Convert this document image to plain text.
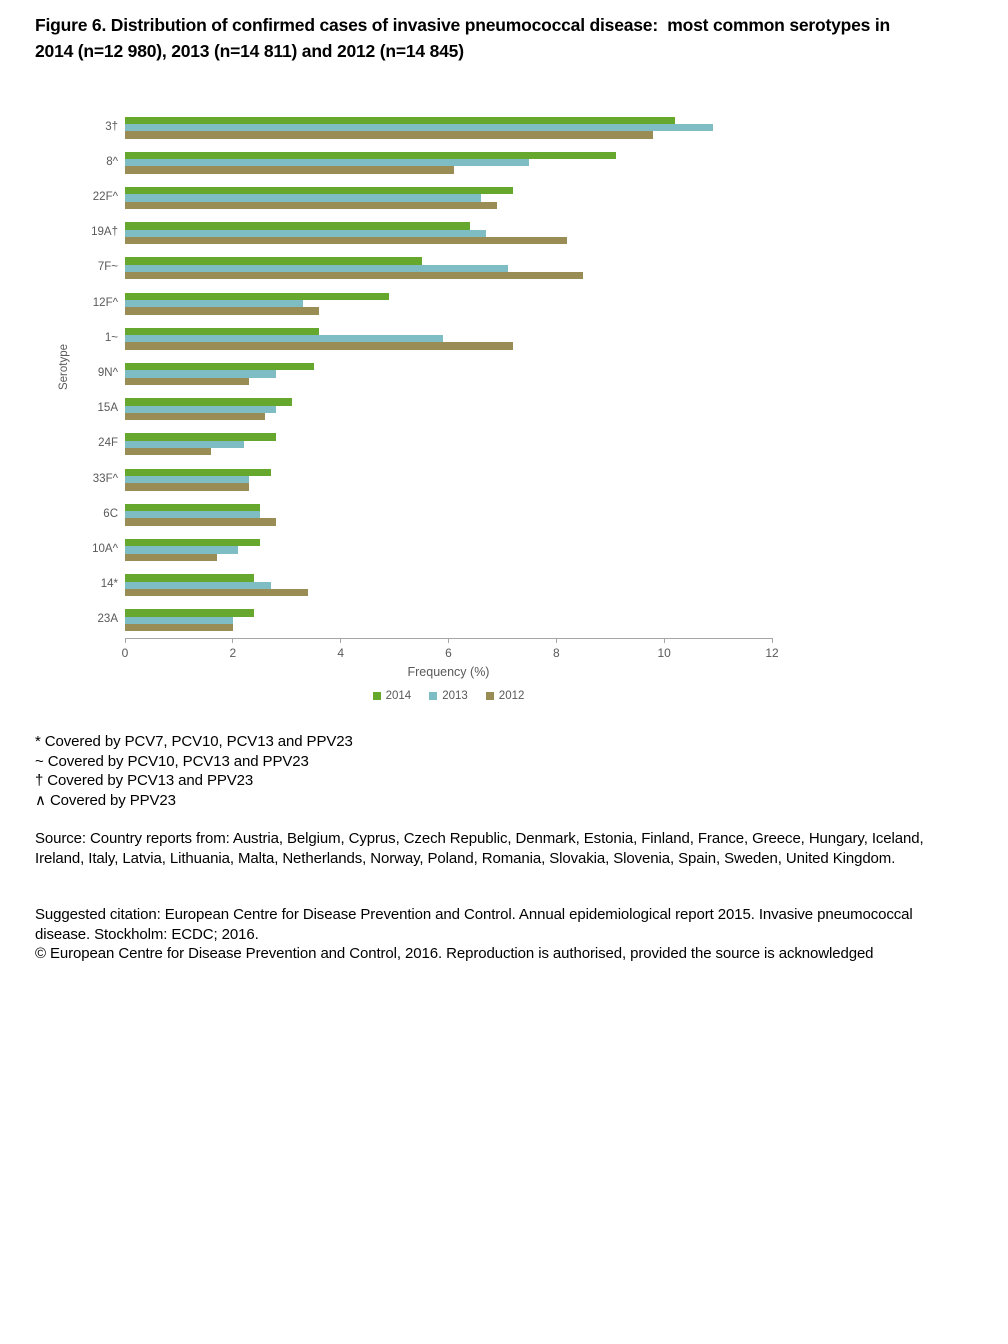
Figure 6. Distribution of confirmed cases of invasive pneumococcal disease:  most common serotypes in 2014 (n=12 980), 2013 (n=14 811) and 2012 (n=14 845)
Serotype
0	2	4	6	8	10	12
Frequency (%)
2014	2013	2012
3†
8^
22F^
19A†
7F~
12F^
1~
9N^
15A
24F
33F^
6C
10A^
14*
23A
* Covered by PCV7, PCV10, PCV13 and PPV23
~ Covered by PCV10, PCV13 and PPV23
† Covered by PCV13 and PPV23
∧ Covered by PPV23
Source: Country reports from: Austria, Belgium, Cyprus, Czech Republic, Denmark, Estonia, Finland, France, Greece, Hungary, Iceland, Ireland, Italy, Latvia, Lithuania, Malta, Netherlands, Norway, Poland, Romania, Slovakia, Slovenia, Spain, Sweden, United Kingdom.
Suggested citation: European Centre for Disease Prevention and Control. Annual epidemiological report 2015. Invasive pneumococcal disease. Stockholm: ECDC; 2016.
© European Centre for Disease Prevention and Control, 2016. Reproduction is authorised, provided the source is acknowledged
